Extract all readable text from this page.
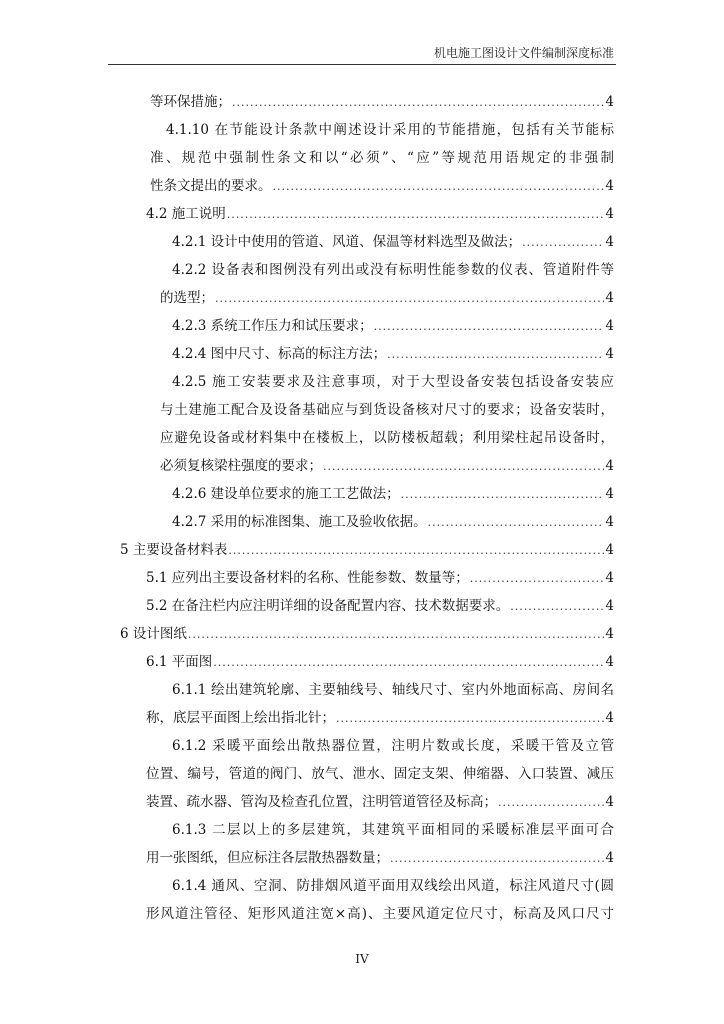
机电施工图设计文件编制深度标准
等环保措施； .....	4
4.1.10 在节能设计条款中阐述设计采用的节能措施，包括有关节能标
准、规范中强制性条文和以“必须”、“应”等规范用语规定的非强制
性条文提出的要求。 .....	4
4.2 施工说明 .....	4
4.2.1 设计中使用的管道、风道、保温等材料选型及做法； .....	4
4.2.2 设备表和图例没有列出或没有标明性能参数的仪表、管道附件等
的选型； .....	4
4.2.3 系统工作压力和试压要求； .....	4
4.2.4 图中尺寸、标高的标注方法； .....	4
4.2.5 施工安装要求及注意事项，对于大型设备安装包括设备安装应
与土建施工配合及设备基础应与到货设备核对尺寸的要求；设备安装时，
应避免设备或材料集中在楼板上，以防楼板超载；利用梁柱起吊设备时，
必须复核梁柱强度的要求； .....	4
4.2.6 建设单位要求的施工工艺做法； .....	4
4.2.7 采用的标准图集、施工及验收依据。 .....	4
5 主要设备材料表 .....	4
5.1 应列出主要设备材料的名称、性能参数、数量等； .....	4
5.2 在备注栏内应注明详细的设备配置内容、技术数据要求。 .....	4
6 设计图纸 .....	4
6.1 平面图 .....	4
6.1.1 绘出建筑轮廓、主要轴线号、轴线尺寸、室内外地面标高、房间名
称，底层平面图上绘出指北针； .....	4
6.1.2 采暖平面绘出散热器位置，注明片数或长度，采暖干管及立管
位置、编号，管道的阀门、放气、泄水、固定支架、伸缩器、入口装置、减压
装置、疏水器、管沟及检查孔位置，注明管道管径及标高； .....	4
6.1.3 二层以上的多层建筑，其建筑平面相同的采暖标准层平面可合
用一张图纸，但应标注各层散热器数量； .....	4
6.1.4 通风、空洞、防排烟风道平面用双线绘出风道，标注风道尺寸(圆
形风道注管径、矩形风道注宽×高)、主要风道定位尺寸，标高及风口尺寸
IV
